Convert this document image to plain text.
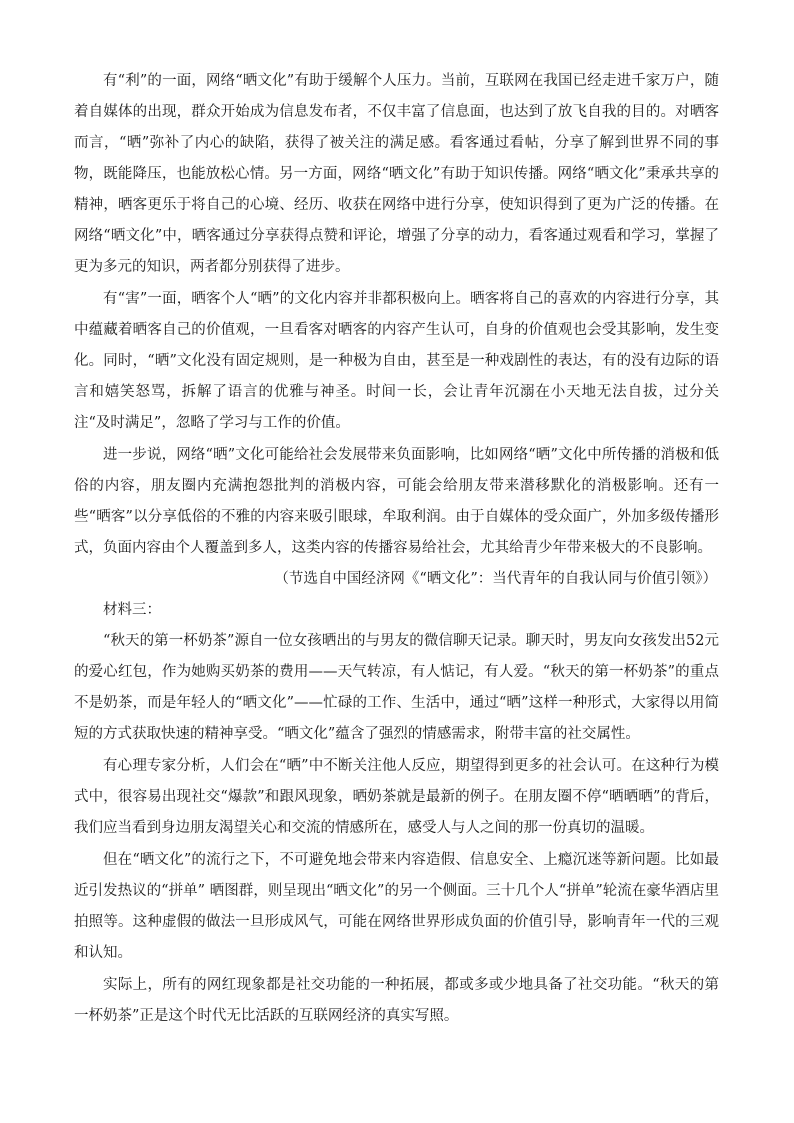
有“利”的一面，网络“晒文化”有助于缓解个人压力。当前，互联网在我国已经走进千家万户，随着自媒体的出现，群众开始成为信息发布者，不仅丰富了信息面，也达到了放飞自我的目的。对晒客而言，“晒”弥补了内心的缺陷，获得了被关注的满足感。看客通过看帖，分享了解到世界不同的事物，既能降压，也能放松心情。另一方面，网络“晒文化”有助于知识传播。网络“晒文化”秉承共享的精神，晒客更乐于将自己的心境、经历、收获在网络中进行分享，使知识得到了更为广泛的传播。在网络“晒文化”中，晒客通过分享获得点赞和评论，增强了分享的动力，看客通过观看和学习，掌握了更为多元的知识，两者都分别获得了进步。

有“害”一面，晒客个人“晒”的文化内容并非都积极向上。晒客将自己的喜欢的内容进行分享，其中蕴藏着晒客自己的价值观，一旦看客对晒客的内容产生认可，自身的价值观也会受其影响，发生变化。同时，“晒”文化没有固定规则，是一种极为自由，甚至是一种戏剧性的表达，有的没有边际的语言和嬉笑怒骂，拆解了语言的优雅与神圣。时间一长，会让青年沉溺在小天地无法自拔，过分关注“及时满足”，忽略了学习与工作的价值。

进一步说，网络“晒”文化可能给社会发展带来负面影响，比如网络“晒”文化中所传播的消极和低俗的内容，朋友圈内充满抱怨批判的消极内容，可能会给朋友带来潜移默化的消极影响。还有一些“晒客”以分享低俗的不雅的内容来吸引眼球，牟取利润。由于自媒体的受众面广，外加多级传播形式，负面内容由个人覆盖到多人，这类内容的传播容易给社会，尤其给青少年带来极大的不良影响。

（节选自中国经济网《“晒文化”：当代青年的自我认同与价值引领》）

材料三：

“秋天的第一杯奶茶”源自一位女孩晒出的与男友的微信聊天记录。聊天时，男友向女孩发出52元的爱心红包，作为她购买奶茶的费用——天气转凉，有人惦记，有人爱。“秋天的第一杯奶茶”的重点不是奶茶，而是年轻人的“晒文化”——忙碌的工作、生活中，通过“晒”这样一种形式，大家得以用简短的方式获取快速的精神享受。“晒文化”蕴含了强烈的情感需求，附带丰富的社交属性。

有心理专家分析，人们会在“晒”中不断关注他人反应，期望得到更多的社会认可。在这种行为模式中，很容易出现社交“爆款”和跟风现象，晒奶茶就是最新的例子。在朋友圈不停“晒晒晒”的背后，我们应当看到身边朋友渴望关心和交流的情感所在，感受人与人之间的那一份真切的温暖。

但在“晒文化”的流行之下，不可避免地会带来内容造假、信息安全、上瘾沉迷等新问题。比如最近引发热议的“拼单” 晒图群，则呈现出“晒文化”的另一个侧面。三十几个人“拼单”轮流在豪华酒店里拍照等。这种虚假的做法一旦形成风气，可能在网络世界形成负面的价值引导，影响青年一代的三观和认知。

实际上，所有的网红现象都是社交功能的一种拓展，都或多或少地具备了社交功能。“秋天的第一杯奶茶”正是这个时代无比活跃的互联网经济的真实写照。
